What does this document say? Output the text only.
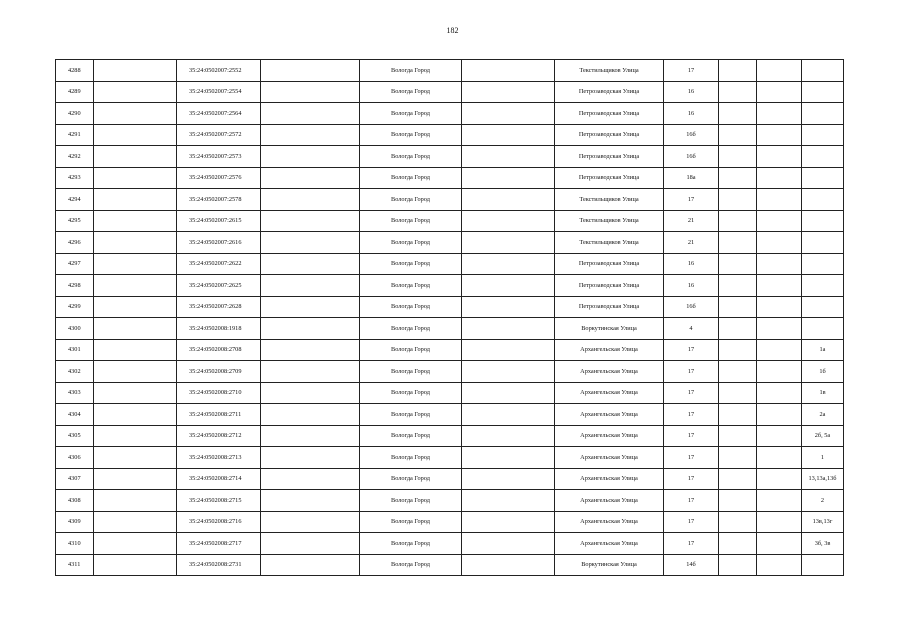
182
4288		35:24:0502007:2552		Вологда Город		Текстильщиков Улица	17			
4289		35:24:0502007:2554		Вологда Город		Петрозаводская Улица	16			
4290		35:24:0502007:2564		Вологда Город		Петрозаводская Улица	16			
4291		35:24:0502007:2572		Вологда Город		Петрозаводская Улица	16б			
4292		35:24:0502007:2573		Вологда Город		Петрозаводская Улица	16б			
4293		35:24:0502007:2576		Вологда Город		Петрозаводская Улица	18а			
4294		35:24:0502007:2578		Вологда Город		Текстильщиков Улица	17			
4295		35:24:0502007:2615		Вологда Город		Текстильщиков Улица	21			
4296		35:24:0502007:2616		Вологда Город		Текстильщиков Улица	21			
4297		35:24:0502007:2622		Вологда Город		Петрозаводская Улица	16			
4298		35:24:0502007:2625		Вологда Город		Петрозаводская Улица	16			
4299		35:24:0502007:2628		Вологда Город		Петрозаводская Улица	16б			
4300		35:24:0502008:1918		Вологда Город		Воркутинская Улица	4			
4301		35:24:0502008:2708		Вологда Город		Архангельская Улица	17			1а
4302		35:24:0502008:2709		Вологда Город		Архангельская Улица	17			1б
4303		35:24:0502008:2710		Вологда Город		Архангельская Улица	17			1в
4304		35:24:0502008:2711		Вологда Город		Архангельская Улица	17			2а
4305		35:24:0502008:2712		Вологда Город		Архангельская Улица	17			2б, 5а
4306		35:24:0502008:2713		Вологда Город		Архангельская Улица	17			1
4307		35:24:0502008:2714		Вологда Город		Архангельская Улица	17			13,13а,13б
4308		35:24:0502008:2715		Вологда Город		Архангельская Улица	17			2
4309		35:24:0502008:2716		Вологда Город		Архангельская Улица	17			13в,13г
4310		35:24:0502008:2717		Вологда Город		Архангельская Улица	17			3б, 3в
4311		35:24:0502008:2731		Вологда Город		Воркутинская Улица	14б			
